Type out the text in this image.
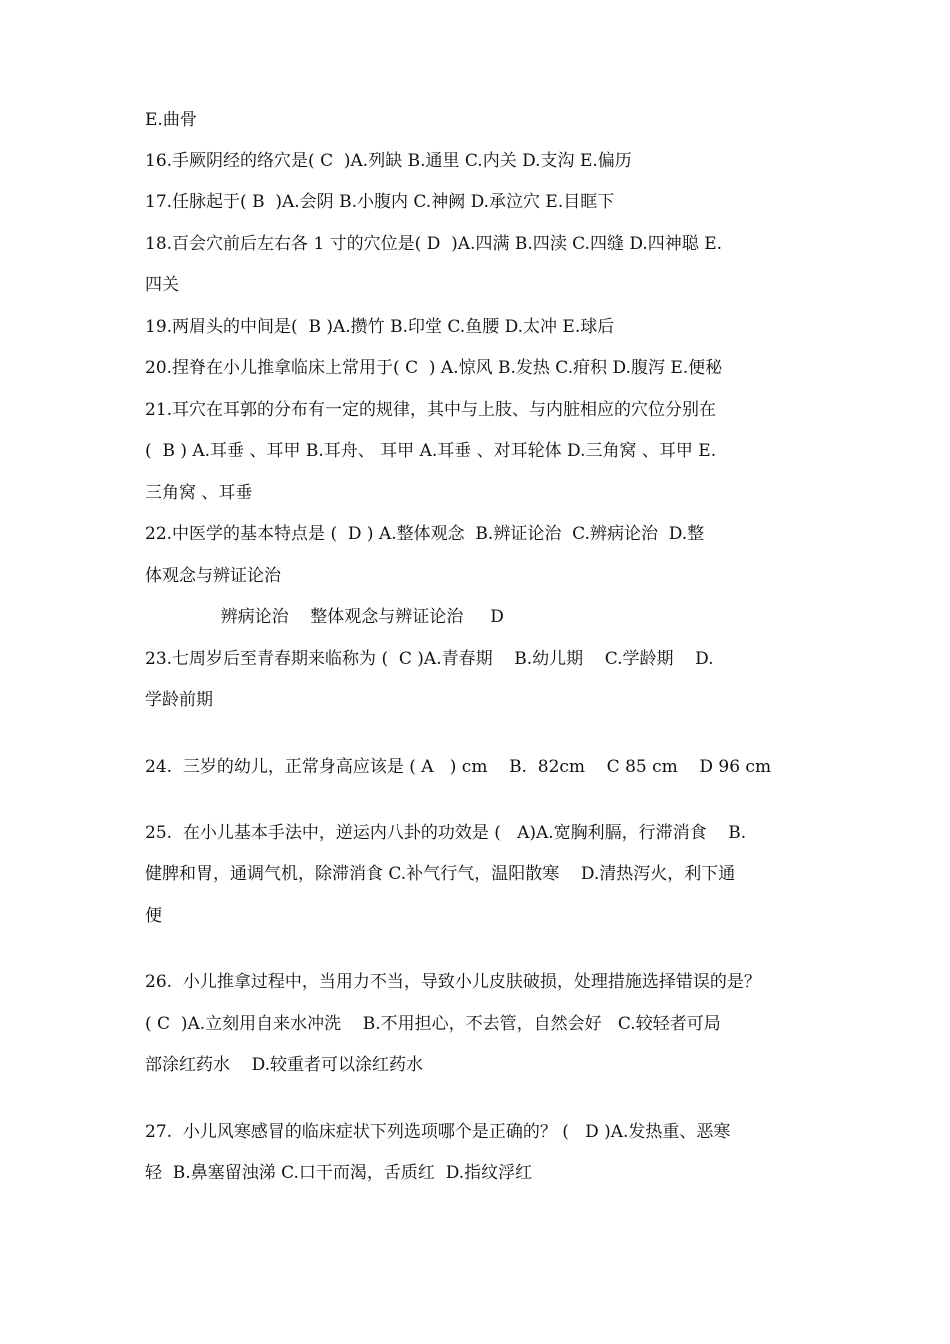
E.曲骨

16.手厥阴经的络穴是( C  )A.列缺 B.通里 C.内关 D.支沟 E.偏历

17.任脉起于( B  )A.会阴 B.小腹内 C.神阙 D.承泣穴 E.目眶下

18.百会穴前后左右各 1 寸的穴位是( D  )A.四满 B.四渎 C.四缝 D.四神聪 E.

四关

19.两眉头的中间是(  B )A.攒竹 B.印堂 C.鱼腰 D.太冲 E.球后

20.捏脊在小儿推拿临床上常用于( C  ) A.惊风 B.发热 C.疳积 D.腹泻 E.便秘

21.耳穴在耳郭的分布有一定的规律，其中与上肢、与内脏相应的穴位分别在

(  B ) A.耳垂 、耳甲 B.耳舟、 耳甲 A.耳垂 、对耳轮体 D.三角窝 、耳甲 E.

三角窝 、耳垂

22.中医学的基本特点是 (  D ) A.整体观念  B.辨证论治  C.辨病论治  D.整

体观念与辨证论治

辨病论治    整体观念与辨证论治     D

23.七周岁后至青春期来临称为 (  C )A.青春期    B.幼儿期    C.学龄期    D.

学龄前期

24.  三岁的幼儿，正常身高应该是 ( A   ) cm    B.  82cm    C 85 cm    D 96 cm

25.  在小儿基本手法中，逆运内八卦的功效是 (   A)A.宽胸利膈，行滞消食    B.

健脾和胃，通调气机，除滞消食 C.补气行气，温阳散寒    D.清热泻火，利下通

便

26.  小儿推拿过程中，当用力不当，导致小儿皮肤破损，处理措施选择错误的是？

( C  )A.立刻用自来水冲洗    B.不用担心，不去管，自然会好   C.较轻者可局

部涂红药水    D.较重者可以涂红药水

27.  小儿风寒感冒的临床症状下列选项哪个是正确的？ (   D )A.发热重、恶寒

轻  B.鼻塞留浊涕 C.口干而渴，舌质红  D.指纹浮红
